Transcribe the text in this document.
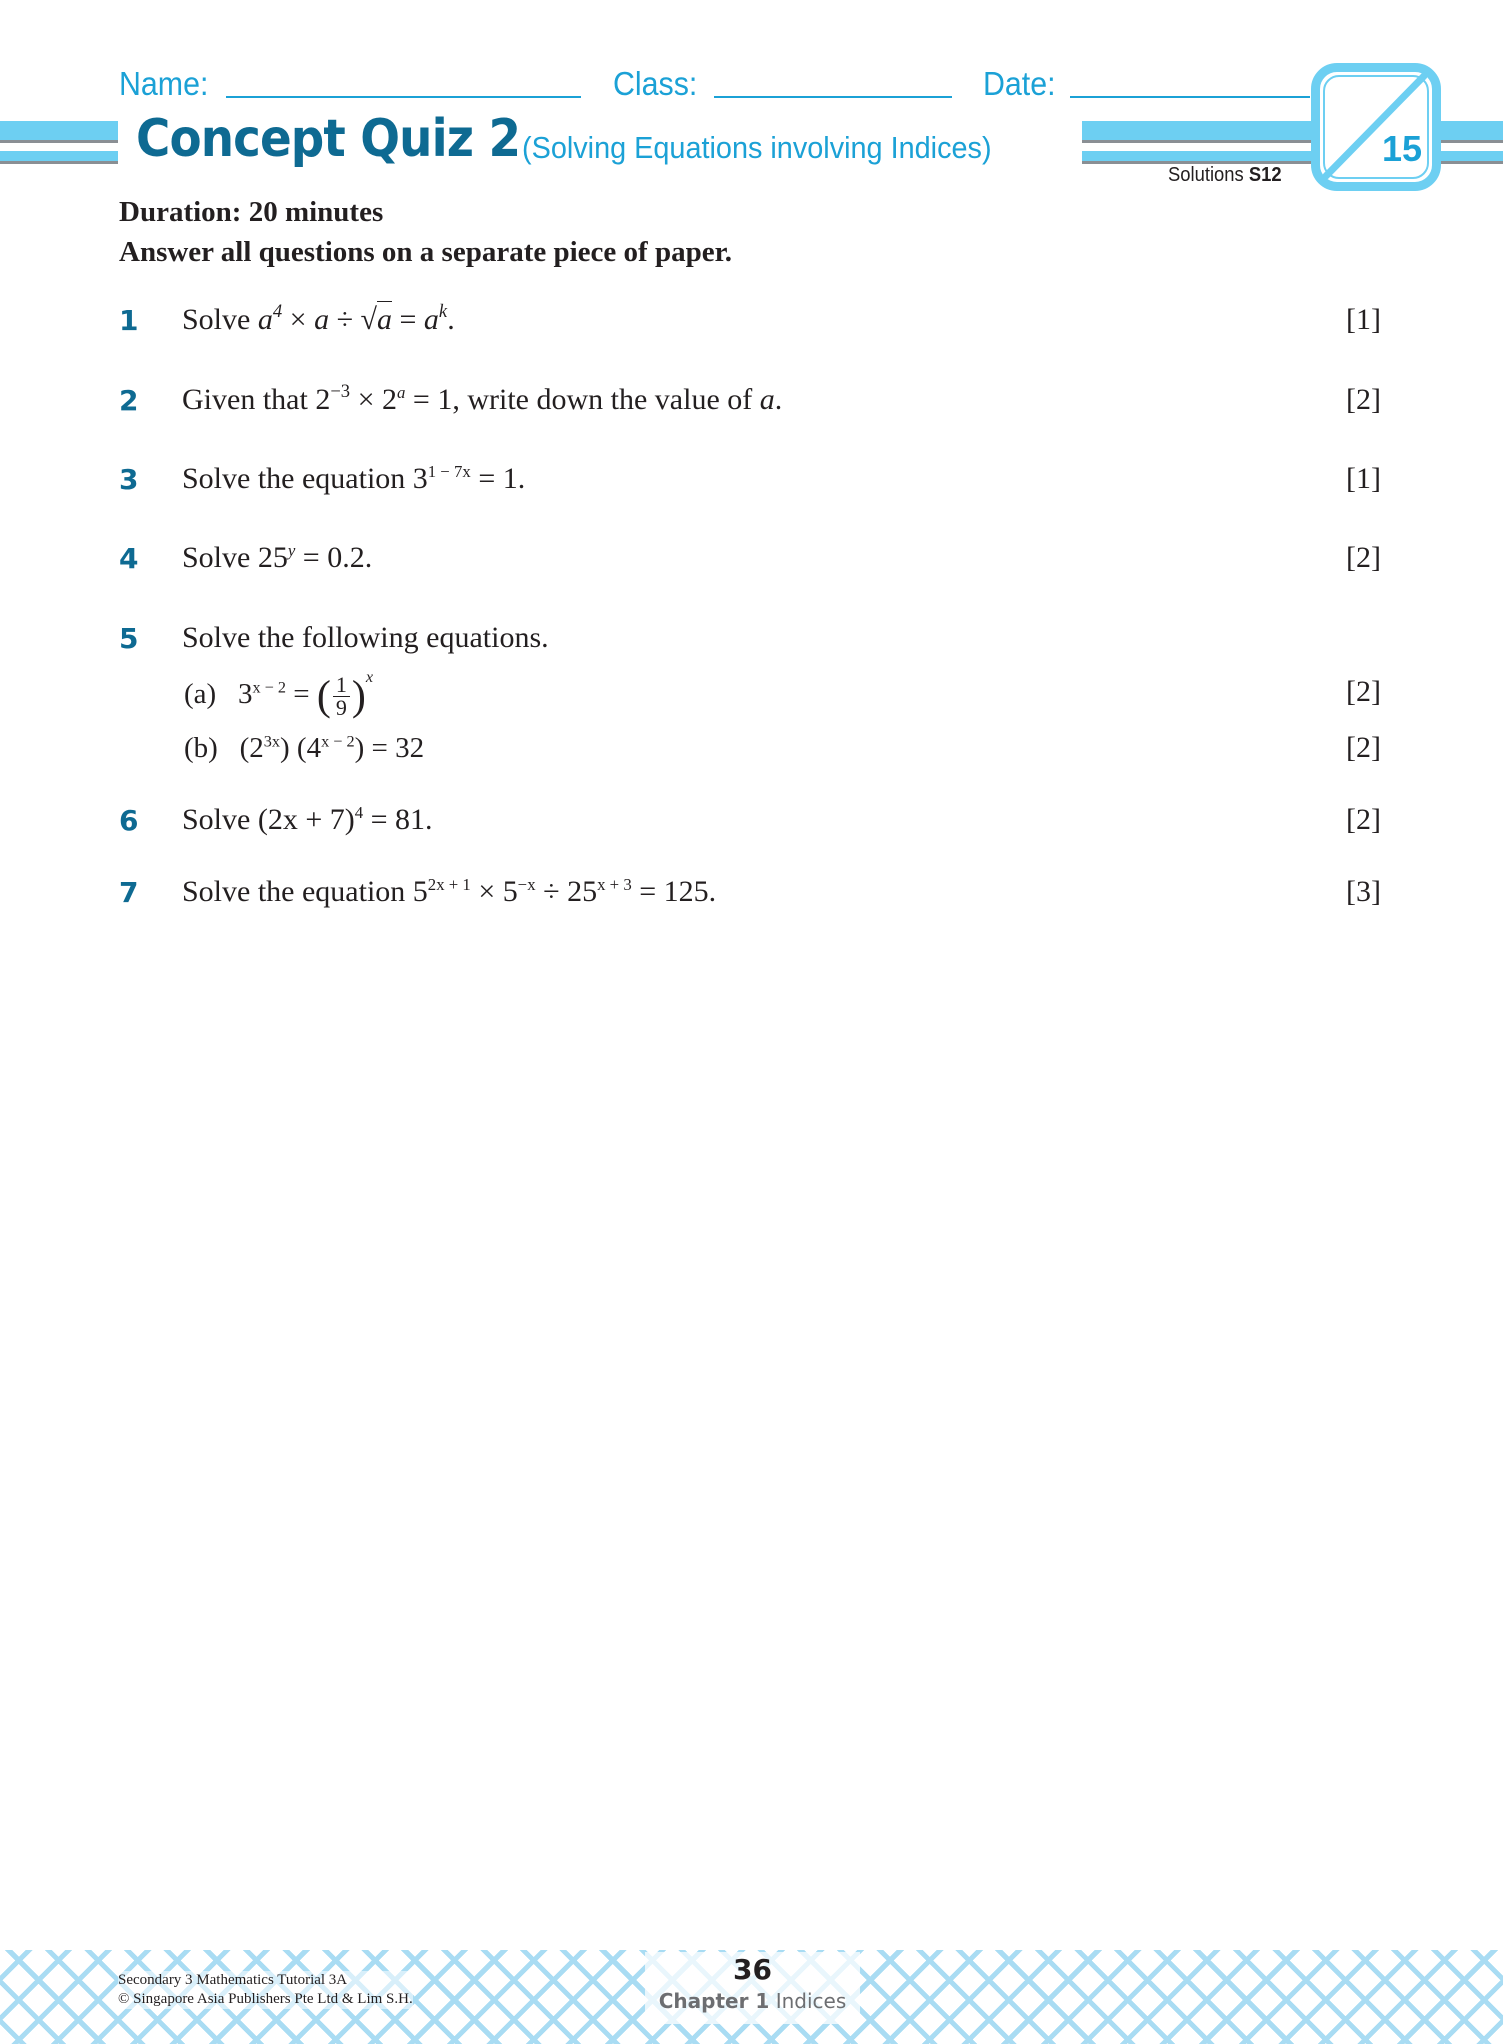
Name:	Class:	Date:
Concept Quiz 2 (Solving Equations involving Indices)
Solutions S12
15
Duration: 20 minutes
Answer all questions on a separate piece of paper.
1 Solve $a^4 \times a \div √a = a^k$.	[1]
2 Given that $2^{-3} \times 2^a = 1$, write down the value of a.	[2]
3 Solve the equation $3^{1 - 7x} = 1$.	[1]
4 Solve $25^y = 0.2$.	[2]
5 Solve the following equations.
(a) $3^{x - 2}$ = ( $\frac{1}{9} )^x$	[2]
(b)   $(2^{3x}) (4^{x - 2}) = 32$	[2]
6 Solve $(2x + 7)^4 = 81$.	[2]
7 Solve the equation $5^{2x + 1} \times 5^{-x} \div 25^{x + 3} = 125$.	[3]
Secondary 3 Mathematics Tutorial 3A
© Singapore Asia Publishers Pte Ltd & Lim S.H.
36
Chapter 1 Indices
